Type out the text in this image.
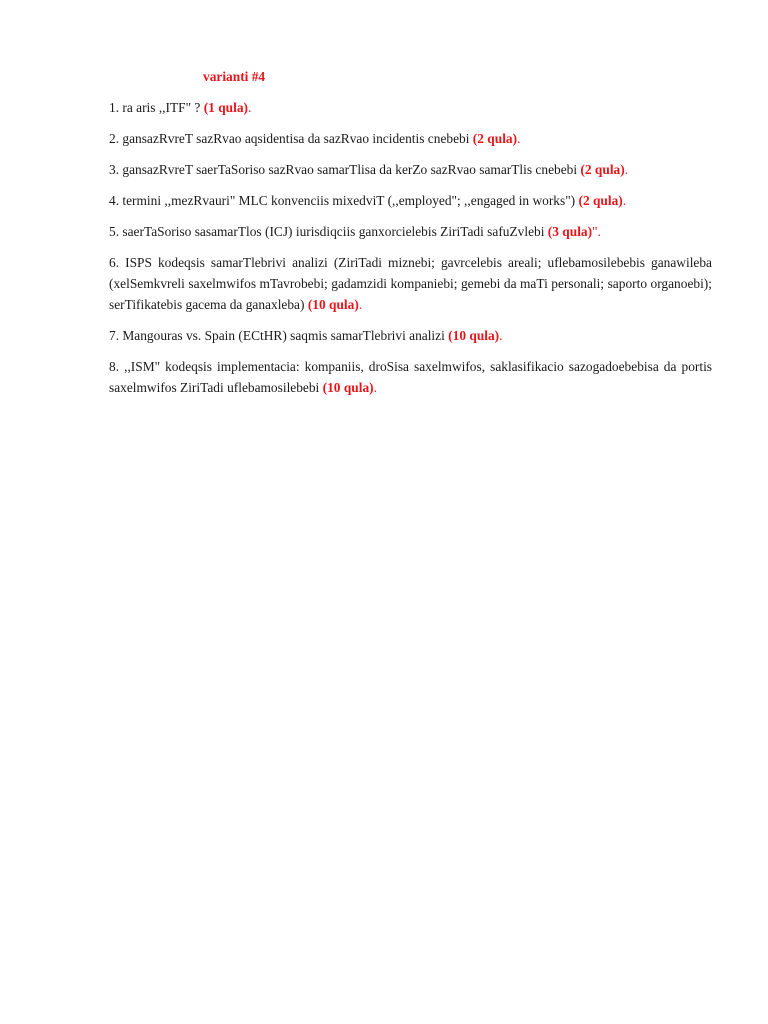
varianti #4

1. ra aris ,,ITF" ? (1 qula).

2. gansazRvreT sazRvao aqsidentisa da sazRvao incidentis cnebebi (2 qula).

3. gansazRvreT saerTaSoriso sazRvao samarTlisa da kerZo sazRvao samarTlis cnebebi (2 qula).

4. termini ,,mezRvauri" MLC konvenciis mixedviT (,,employed"; ,,engaged in works") (2 qula).

5. saerTaSoriso sasamarTlos (ICJ) iurisdiqciis ganxorcielebis ZiriTadi safuZvlebi (3 qula)".

6. ISPS kodeqsis samarTlebrivi analizi (ZiriTadi miznebi; gavrcelebis areali; uflebamosilebebis ganawileba (xelSemkvreli saxelmwifos mTavrobebi; gadamzidi kompaniebi; gemebi da maTi personali; saporto organoebi); serTifikatebis gacema da ganaxleba) (10 qula).

7. Mangouras vs. Spain (ECtHR) saqmis samarTlebrivi analizi (10 qula).

8. ,,ISM" kodeqsis implementacia: kompaniis, droSisa saxelmwifos, saklasifikacio sazogadoebebisa da portis saxelmwifos ZiriTadi uflebamosilebebi (10 qula).
